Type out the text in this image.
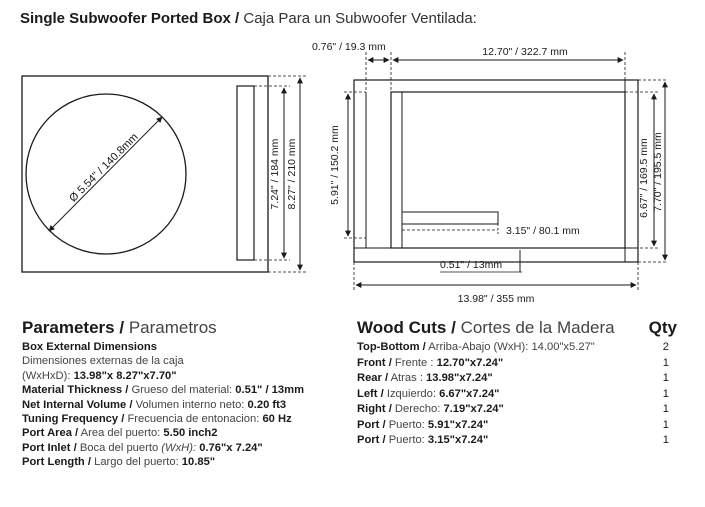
Single Subwoofer Ported Box / Caja Para un Subwoofer Ventilada:
Ø 5.54" / 140.8mm	7.24" / 184 mm 8.27" / 210 mm
0.76" / 19.3 mm	12.70" / 322.7 mm
5.91" / 150.2 mm	6.67" / 169.5 mm 7.70" / 195.5 mm
3.15" / 80.1 mm
0.51" / 13mm
13.98" / 355 mm
Parameters / Parametros
Box External Dimensions
Dimensiones externas de la caja
(WxHxD): 13.98"x 8.27"x7.70"
Material Thickness / Grueso del material: 0.51" / 13mm
Net Internal Volume / Volumen interno neto: 0.20 ft3
Tuning Frequency / Frecuencia de entonacion: 60 Hz
Port Area / Area del puerto: 5.50 inch2
Port Inlet / Boca del puerto (WxH): 0.76"x 7.24"
Port Length / Largo del puerto: 10.85"
Wood Cuts / Cortes de la Madera Qty
Top-Bottom / Arriba-Abajo (WxH): 14.00"x5.27"	2
Front / Frente : 12.70"x7.24"	1
Rear / Atras : 13.98"x7.24"	1
Left / Izquierdo: 6.67"x7.24"	1
Right / Derecho: 7.19"x7.24"	1
Port / Puerto: 5.91"x7.24"	1
Port / Puerto: 3.15"x7.24"	1
